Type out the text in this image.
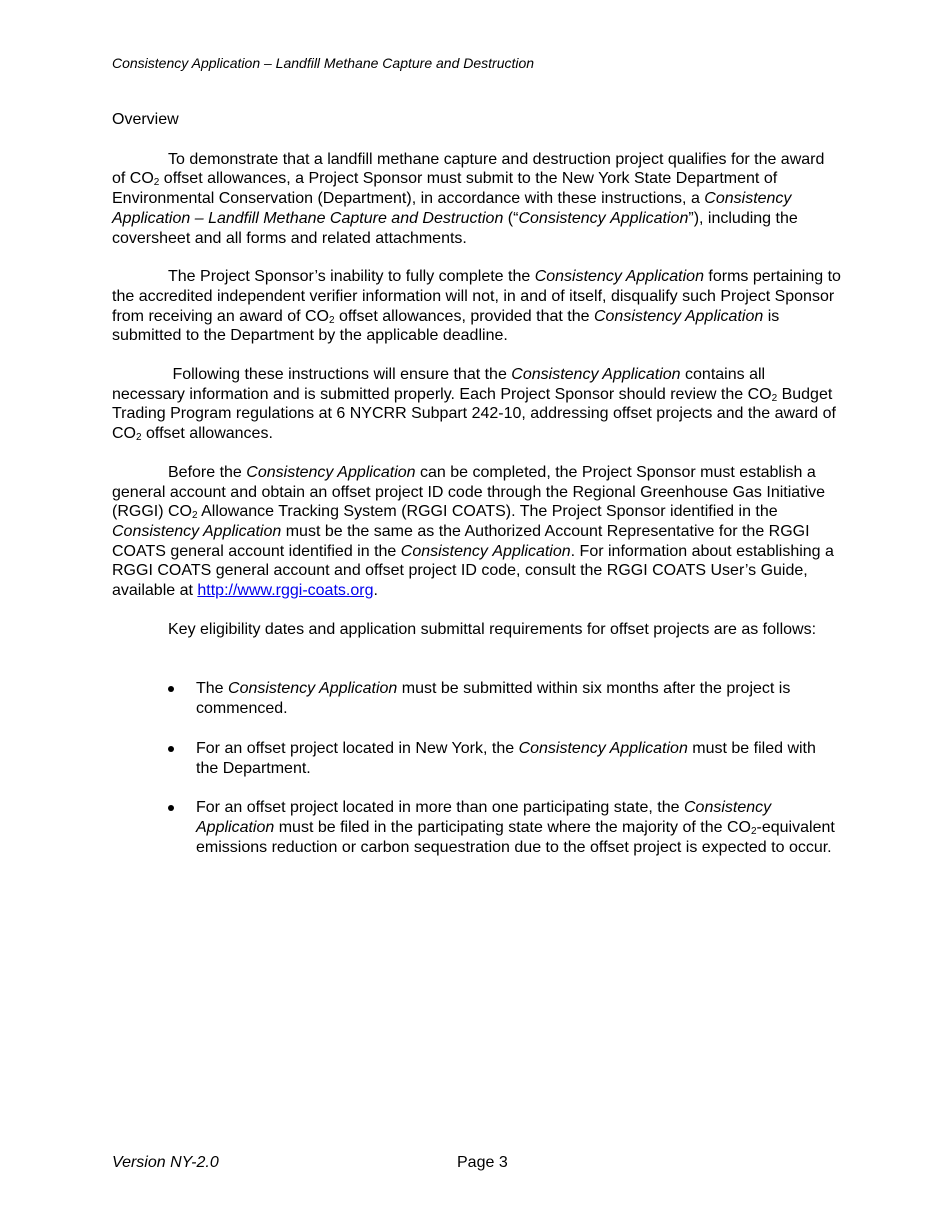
Consistency Application – Landfill Methane Capture and Destruction
Overview

To demonstrate that a landfill methane capture and destruction project qualifies for the award of $CO_2$ offset allowances, a Project Sponsor must submit to the New York State Department of Environmental Conservation (Department), in accordance with these instructions, a Consistency Application – Landfill Methane Capture and Destruction (“Consistency Application”), including the coversheet and all forms and related attachments.

The Project Sponsor’s inability to fully complete the Consistency Application forms pertaining to the accredited independent verifier information will not, in and of itself, disqualify such Project Sponsor from receiving an award of $CO_2$ offset allowances, provided that the Consistency Application is submitted to the Department by the applicable deadline.

Following these instructions will ensure that the Consistency Application contains all necessary information and is submitted properly. Each Project Sponsor should review the $CO_2$ Budget Trading Program regulations at 6 NYCRR Subpart 242-10, addressing offset projects and the award of $CO_2$ offset allowances.

Before the Consistency Application can be completed, the Project Sponsor must establish a general account and obtain an offset project ID code through the Regional Greenhouse Gas Initiative (RGGI) $CO_2$ Allowance Tracking System (RGGI COATS). The Project Sponsor identified in the Consistency Application must be the same as the Authorized Account Representative for the RGGI COATS general account identified in the Consistency Application. For information about establishing a RGGI COATS general account and offset project ID code, consult the RGGI COATS User’s Guide, available at http://www.rggi-coats.org.

Key eligibility dates and application submittal requirements for offset projects are as follows:

The Consistency Application must be submitted within six months after the project is commenced.
For an offset project located in New York, the Consistency Application must be filed with the Department.
For an offset project located in more than one participating state, the Consistency Application must be filed in the participating state where the majority of the $CO_2$-equivalent emissions reduction or carbon sequestration due to the offset project is expected to occur.
Version NY-2.0	Page 3
